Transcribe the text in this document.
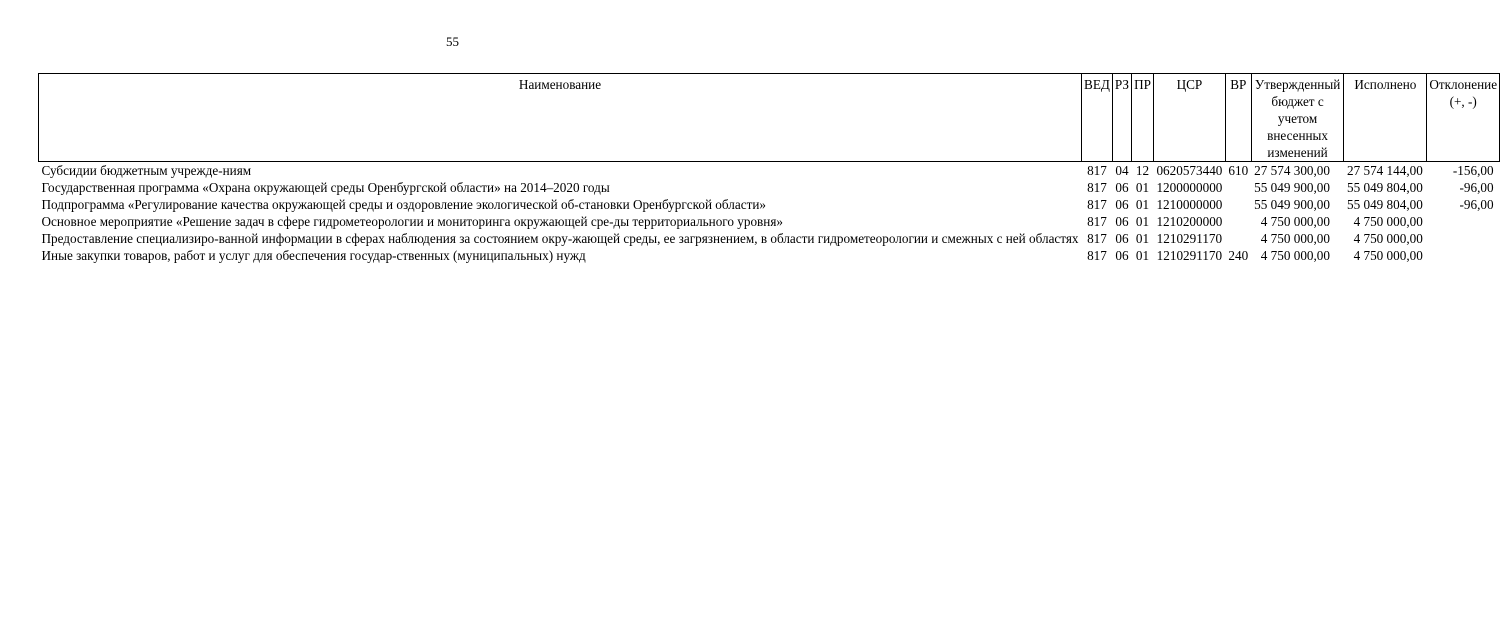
55
Наименование	ВЕД	РЗ	ПР	ЦСР	ВР	Утвержденный бюджет с учетом внесенных изменений	Исполнено	Отклонение (+, -)
Субсидии бюджетным учрежде-ниям	817	04	12	0620573440	610	27 574 300,00	27 574 144,00	-156,00
Государственная программа «Охрана окружающей среды Оренбургской области» на 2014–2020 годы	817	06	01	1200000000		55 049 900,00	55 049 804,00	-96,00
Подпрограмма «Регулирование качества окружающей среды и оздоровление экологической об-становки Оренбургской области»	817	06	01	1210000000		55 049 900,00	55 049 804,00	-96,00
Основное мероприятие «Решение задач в сфере гидрометеорологии и мониторинга окружающей сре-ды территориального уровня»	817	06	01	1210200000		4 750 000,00	4 750 000,00	
Предоставление специализиро-ванной информации в сферах наблюдения за состоянием окру-жающей среды, ее загрязнением, в области гидрометеорологии и смежных с ней областях	817	06	01	1210291170		4 750 000,00	4 750 000,00	
Иные закупки товаров, работ и услуг для обеспечения государ-ственных (муниципальных) нужд	817	06	01	1210291170	240	4 750 000,00	4 750 000,00	
